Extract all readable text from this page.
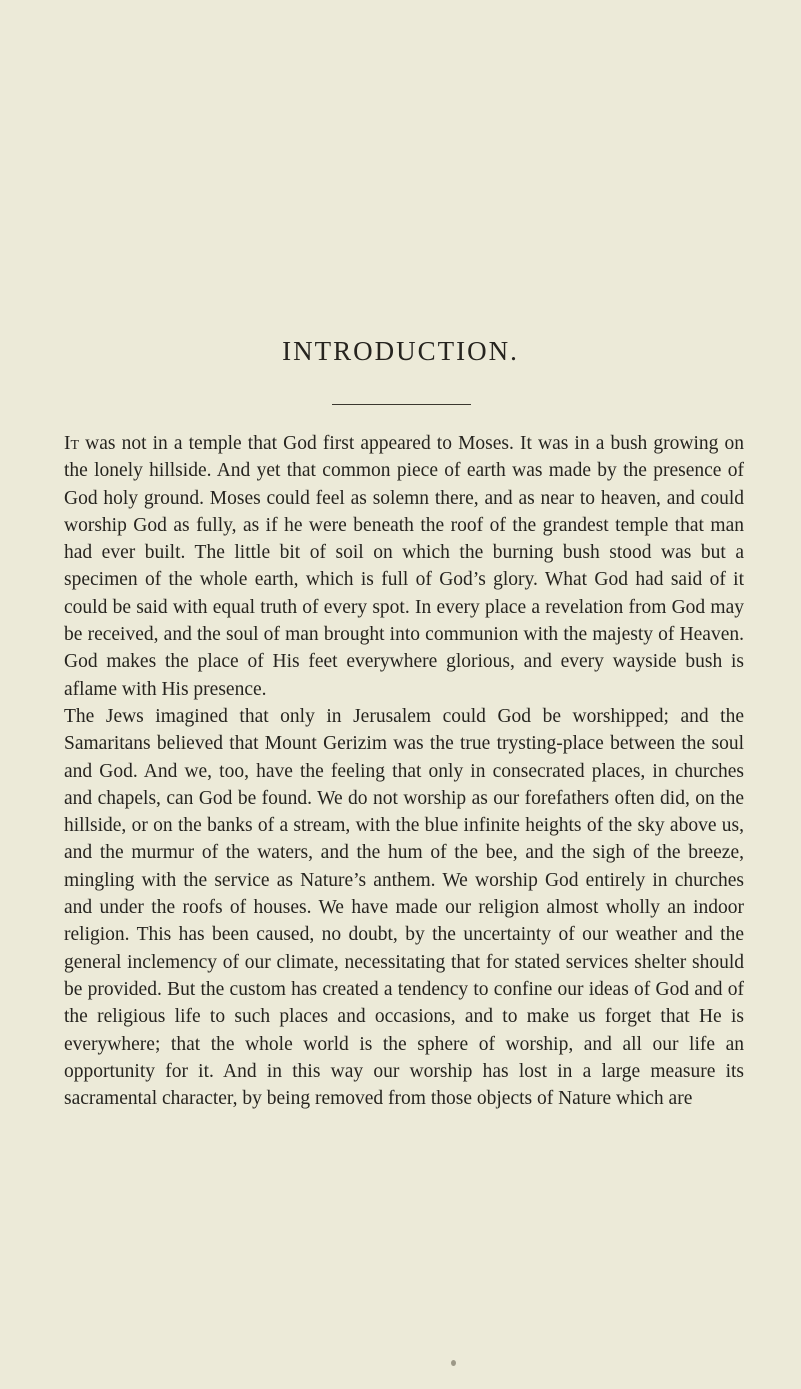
INTRODUCTION.

It was not in a temple that God first appeared to Moses. It was in a bush growing on the lonely hillside. And yet that common piece of earth was made by the presence of God holy ground. Moses could feel as solemn there, and as near to heaven, and could worship God as fully, as if he were beneath the roof of the grandest temple that man had ever built. The little bit of soil on which the burning bush stood was but a specimen of the whole earth, which is full of God’s glory. What God had said of it could be said with equal truth of every spot. In every place a revelation from God may be received, and the soul of man brought into communion with the majesty of Heaven. God makes the place of His feet everywhere glorious, and every wayside bush is aflame with His presence.

The Jews imagined that only in Jerusalem could God be worshipped; and the Samaritans believed that Mount Gerizim was the true trysting-place between the soul and God. And we, too, have the feeling that only in consecrated places, in churches and chapels, can God be found. We do not worship as our forefathers often did, on the hillside, or on the banks of a stream, with the blue infinite heights of the sky above us, and the murmur of the waters, and the hum of the bee, and the sigh of the breeze, mingling with the service as Nature’s anthem. We worship God entirely in churches and under the roofs of houses. We have made our religion almost wholly an indoor religion. This has been caused, no doubt, by the uncertainty of our weather and the general inclemency of our climate, necessitating that for stated services shelter should be provided. But the custom has created a tendency to confine our ideas of God and of the religious life to such places and occasions, and to make us forget that He is everywhere; that the whole world is the sphere of worship, and all our life an opportunity for it. And in this way our worship has lost in a large measure its sacramental character, by being removed from those objects of Nature which are
